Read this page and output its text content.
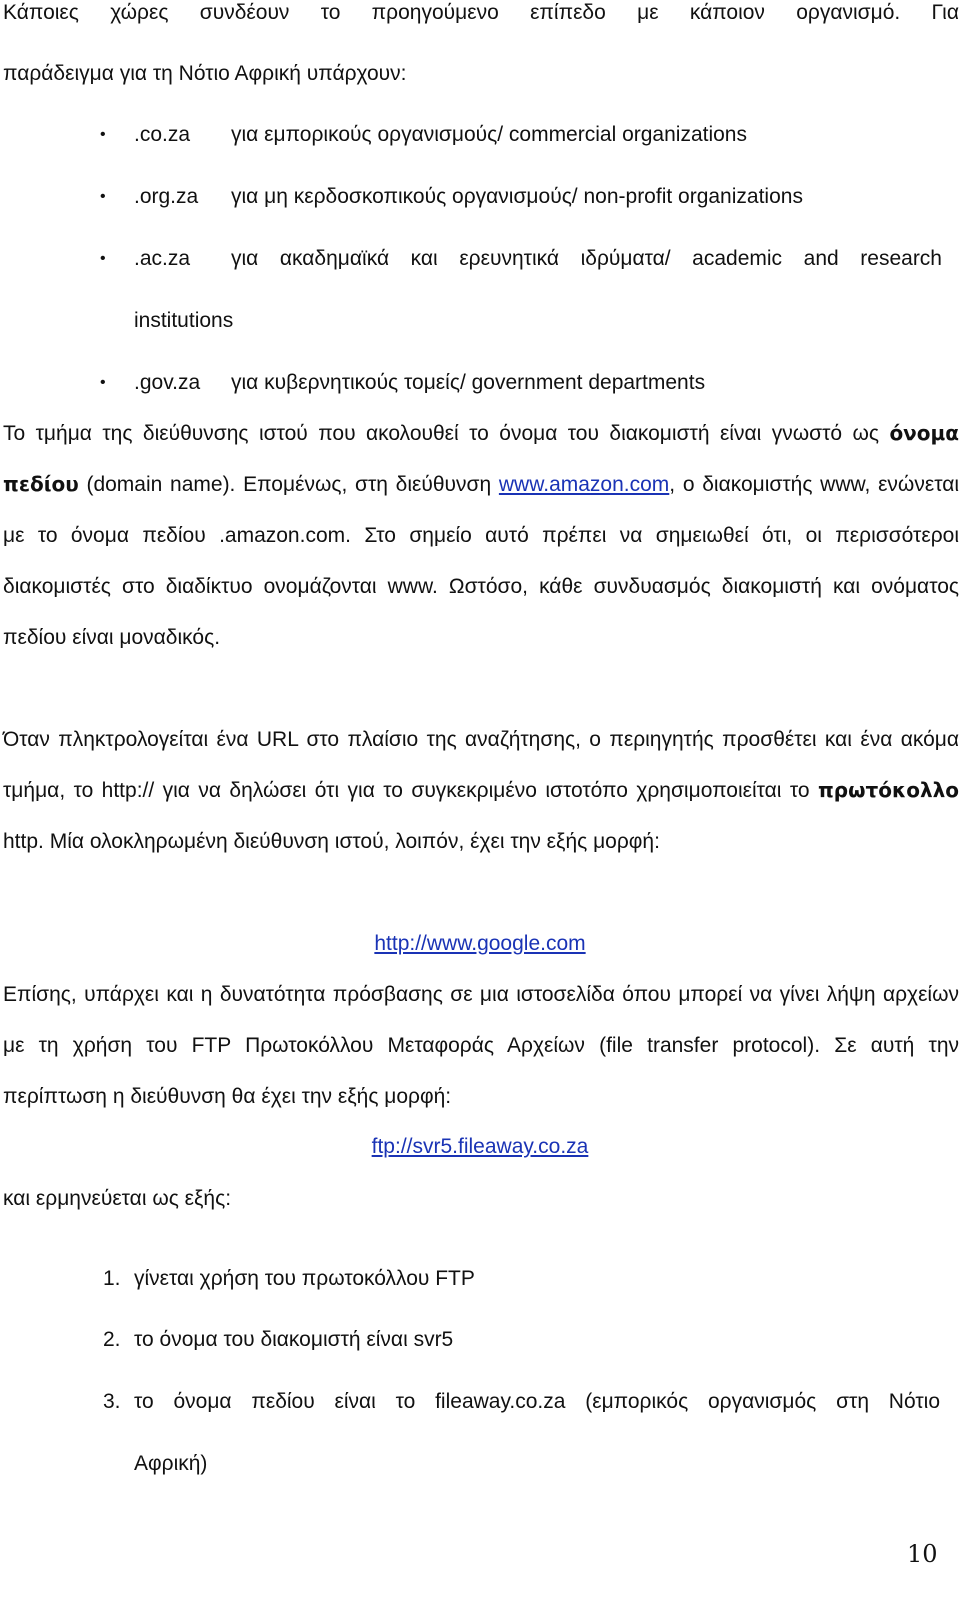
Κάποιες χώρες συνδέουν το προηγούμενο επίπεδο με κάποιον οργανισμό. Για
παράδειγμα για τη Νότιο Αφρική υπάρχουν:
• .co.za για εμπορικούς οργανισμούς/ commercial organizations
• .org.za για μη κερδοσκοπικούς οργανισμούς/ non-profit organizations
• .ac.za για ακαδημαϊκά και ερευνητικά ιδρύματα/ academic and research
institutions
• .gov.za για κυβερνητικούς τομείς/ government departments

Το τμήμα της διεύθυνσης ιστού που ακολουθεί το όνομα του διακομιστή είναι γνωστό ως όνομα πεδίου (domain name). Επομένως, στη διεύθυνση www.amazon.com, ο διακομιστής www, ενώνεται με το όνομα πεδίου .amazon.com. Στο σημείο αυτό πρέπει να σημειωθεί ότι, οι περισσότεροι διακομιστές στο διαδίκτυο ονομάζονται www. Ωστόσο, κάθε συνδυασμός διακομιστή και ονόματος πεδίου είναι μοναδικός.

Όταν πληκτρολογείται ένα URL στο πλαίσιο της αναζήτησης, ο περιηγητής προσθέτει και ένα ακόμα τμήμα, το http:// για να δηλώσει ότι για το συγκεκριμένο ιστοτόπο χρησιμοποιείται το πρωτόκολλο http. Μία ολοκληρωμένη διεύθυνση ιστού, λοιπόν, έχει την εξής μορφή:

http://www.google.com

Επίσης, υπάρχει και η δυνατότητα πρόσβασης σε μια ιστοσελίδα όπου μπορεί να γίνει λήψη αρχείων με τη χρήση του FTP Πρωτοκόλλου Μεταφοράς Αρχείων (file transfer protocol). Σε αυτή την περίπτωση η διεύθυνση θα έχει την εξής μορφή:

ftp://svr5.fileaway.co.za
και ερμηνεύεται ως εξής:
1. γίνεται χρήση του πρωτοκόλλου FTP
2. το όνομα του διακομιστή είναι svr5
3. το όνομα πεδίου είναι το fileaway.co.za (εμπορικός οργανισμός στη Νότιο
Αφρική)
10
